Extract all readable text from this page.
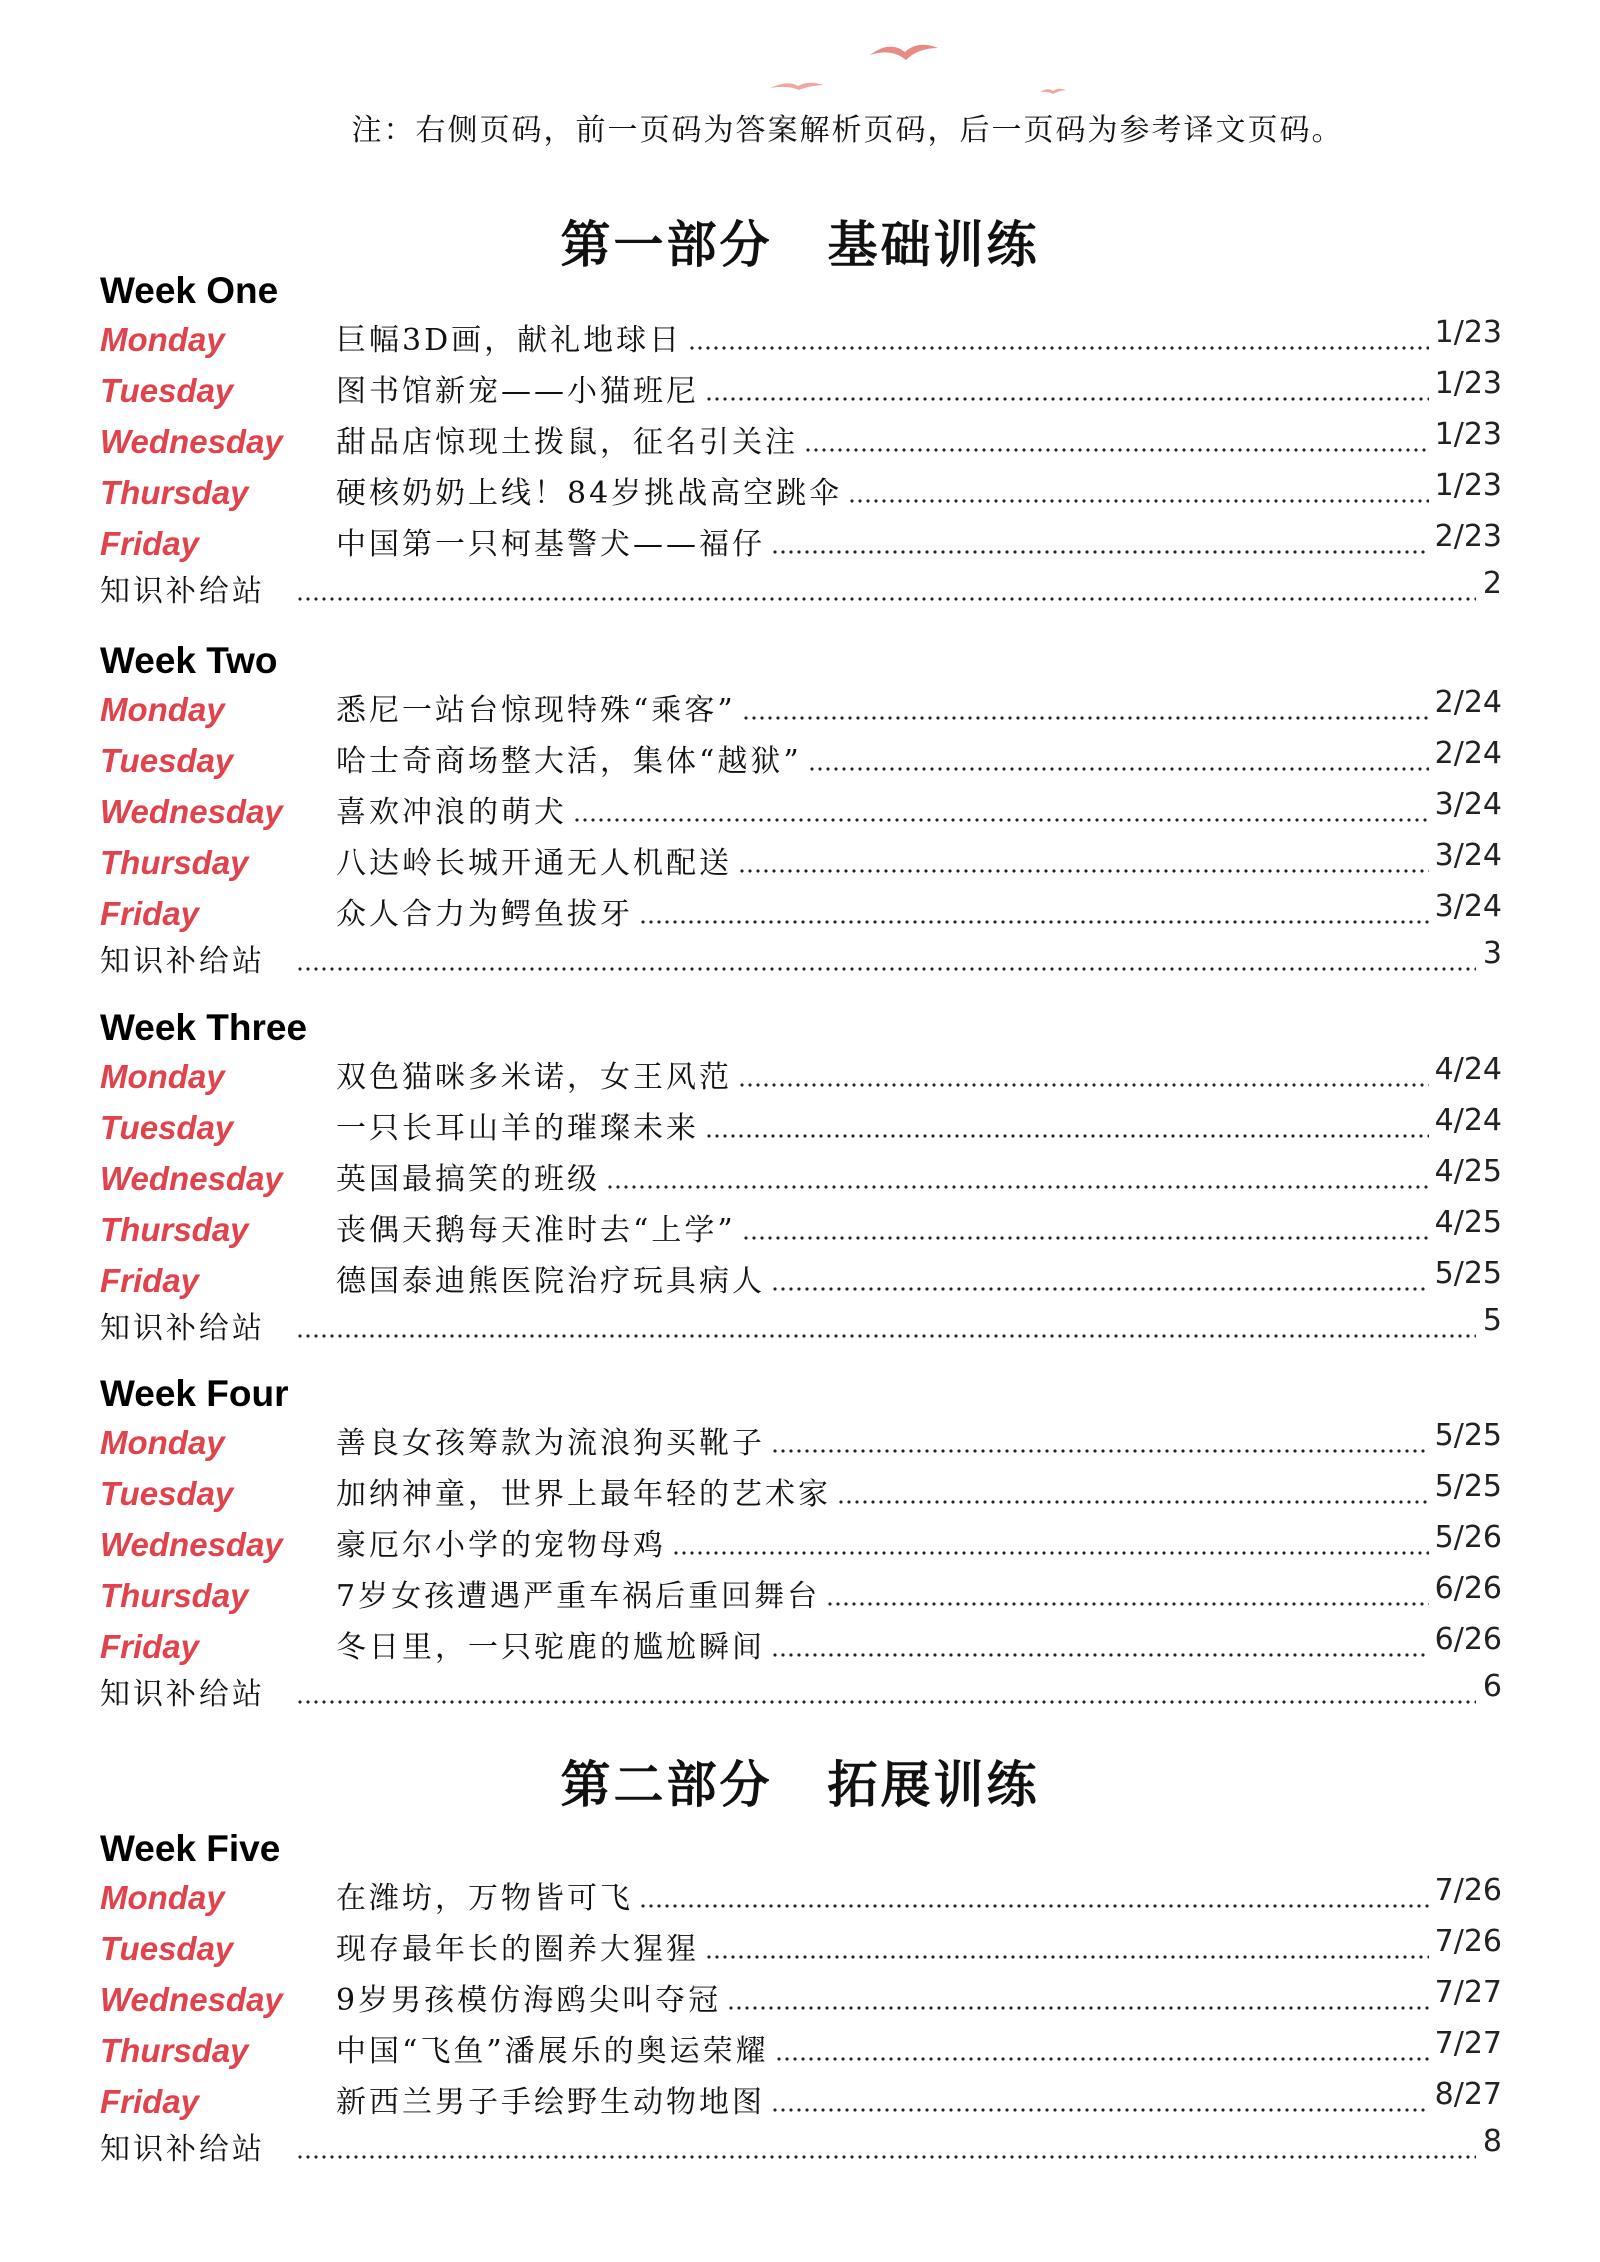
注：右侧页码，前一页码为答案解析页码，后一页码为参考译文页码。
第一部分 基础训练
第二部分 拓展训练
Week One
Monday	巨幅3D画，献礼地球日	1/23
Tuesday	图书馆新宠——小猫班尼	1/23
Wednesday	甜品店惊现土拨鼠，征名引关注	1/23
Thursday	硬核奶奶上线！84岁挑战高空跳伞	1/23
Friday	中国第一只柯基警犬——福仔	2/23
知识补给站	2
Week Two
Monday	悉尼一站台惊现特殊“乘客”	2/24
Tuesday	哈士奇商场整大活，集体“越狱”	2/24
Wednesday	喜欢冲浪的萌犬	3/24
Thursday	八达岭长城开通无人机配送	3/24
Friday	众人合力为鳄鱼拔牙	3/24
知识补给站	3
Week Three
Monday	双色猫咪多米诺，女王风范	4/24
Tuesday	一只长耳山羊的璀璨未来	4/24
Wednesday	英国最搞笑的班级	4/25
Thursday	丧偶天鹅每天准时去“上学”	4/25
Friday	德国泰迪熊医院治疗玩具病人	5/25
知识补给站	5
Week Four
Monday	善良女孩筹款为流浪狗买靴子	5/25
Tuesday	加纳神童，世界上最年轻的艺术家	5/25
Wednesday	豪厄尔小学的宠物母鸡	5/26
Thursday	7岁女孩遭遇严重车祸后重回舞台	6/26
Friday	冬日里，一只驼鹿的尴尬瞬间	6/26
知识补给站	6
Week Five
Monday	在潍坊，万物皆可飞	7/26
Tuesday	现存最年长的圈养大猩猩	7/26
Wednesday	9岁男孩模仿海鸥尖叫夺冠	7/27
Thursday	中国“飞鱼”潘展乐的奥运荣耀	7/27
Friday	新西兰男子手绘野生动物地图	8/27
知识补给站	8
